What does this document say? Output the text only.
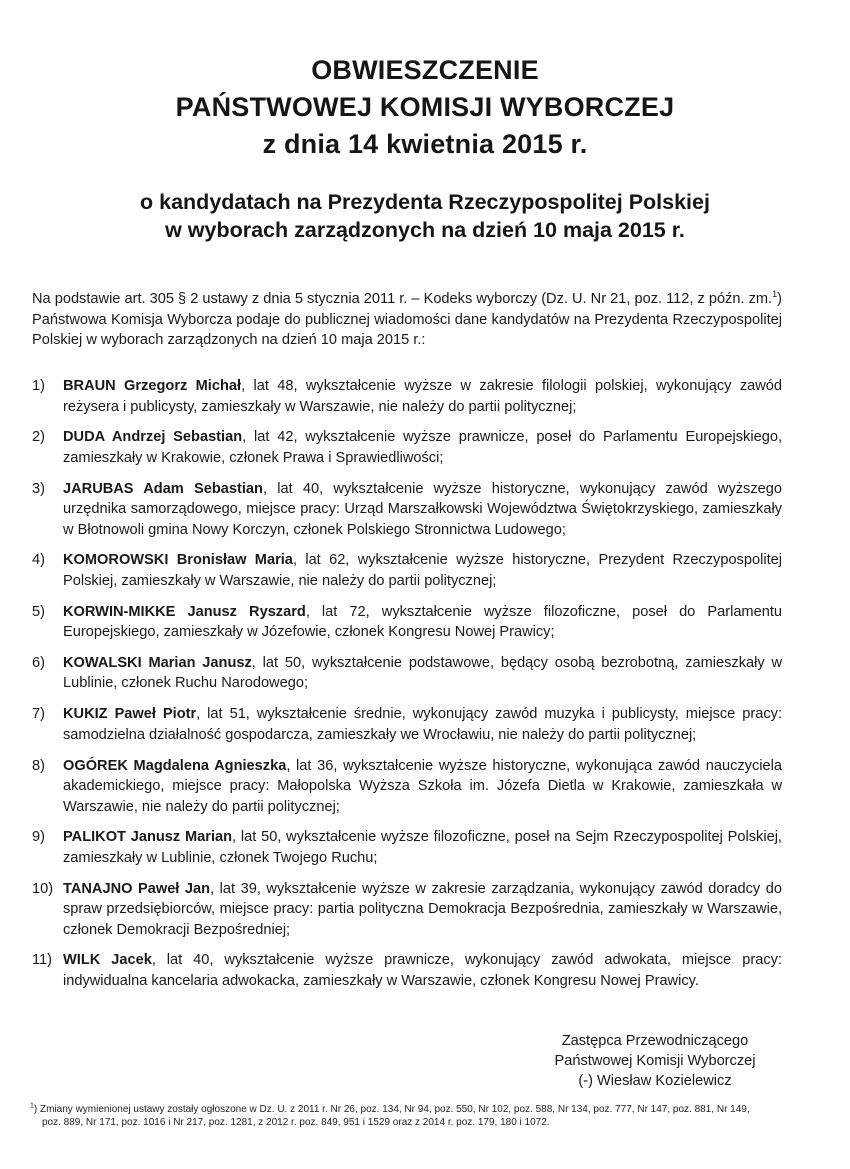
OBWIESZCZENIE
PAŃSTWOWEJ KOMISJI WYBORCZEJ
z dnia 14 kwietnia 2015 r.
o kandydatach na Prezydenta Rzeczypospolitej Polskiej
w wyborach zarządzonych na dzień 10 maja 2015 r.
Na podstawie art. 305 § 2 ustawy z dnia 5 stycznia 2011 r. – Kodeks wyborczy (Dz. U. Nr 21, poz. 112, z późn. zm.$^1$) Państwowa Komisja Wyborcza podaje do publicznej wiadomości dane kandydatów na Prezydenta Rzeczypospolitej Polskiej w wyborach zarządzonych na dzień 10 maja 2015 r.:
1) BRAUN Grzegorz Michał, lat 48, wykształcenie wyższe w zakresie filologii polskiej, wykonujący zawód reżysera i publicysty, zamieszkały w Warszawie, nie należy do partii politycznej;
2) DUDA Andrzej Sebastian, lat 42, wykształcenie wyższe prawnicze, poseł do Parlamentu Europejskiego, zamieszkały w Krakowie, członek Prawa i Sprawiedliwości;
3) JARUBAS Adam Sebastian, lat 40, wykształcenie wyższe historyczne, wykonujący zawód wyższego urzędnika samorządowego, miejsce pracy: Urząd Marszałkowski Województwa Świętokrzyskiego, zamieszkały w Błotnowoli gmina Nowy Korczyn, członek Polskiego Stronnictwa Ludowego;
4) KOMOROWSKI Bronisław Maria, lat 62, wykształcenie wyższe historyczne, Prezydent Rzeczypospolitej Polskiej, zamieszkały w Warszawie, nie należy do partii politycznej;
5) KORWIN-MIKKE Janusz Ryszard, lat 72, wykształcenie wyższe filozoficzne, poseł do Parlamentu Europejskiego, zamieszkały w Józefowie, członek Kongresu Nowej Prawicy;
6) KOWALSKI Marian Janusz, lat 50, wykształcenie podstawowe, będący osobą bezrobotną, zamieszkały w Lublinie, członek Ruchu Narodowego;
7) KUKIZ Paweł Piotr, lat 51, wykształcenie średnie, wykonujący zawód muzyka i publicysty, miejsce pracy: samodzielna działalność gospodarcza, zamieszkały we Wrocławiu, nie należy do partii politycznej;
8) OGÓREK Magdalena Agnieszka, lat 36, wykształcenie wyższe historyczne, wykonująca zawód nauczyciela akademickiego, miejsce pracy: Małopolska Wyższa Szkoła im. Józefa Dietla w Krakowie, zamieszkała w Warszawie, nie należy do partii politycznej;
9) PALIKOT Janusz Marian, lat 50, wykształcenie wyższe filozoficzne, poseł na Sejm Rzeczypospolitej Polskiej, zamieszkały w Lublinie, członek Twojego Ruchu;
10) TANAJNO Paweł Jan, lat 39, wykształcenie wyższe w zakresie zarządzania, wykonujący zawód doradcy do spraw przedsiębiorców, miejsce pracy: partia polityczna Demokracja Bezpośrednia, zamieszkały w Warszawie, członek Demokracji Bezpośredniej;
11) WILK Jacek, lat 40, wykształcenie wyższe prawnicze, wykonujący zawód adwokata, miejsce pracy: indywidualna kancelaria adwokacka, zamieszkały w Warszawie, członek Kongresu Nowej Prawicy.
Zastępca Przewodniczącego
Państwowej Komisji Wyborczej
(-) Wiesław Kozielewicz
$^1$) Zmiany wymienionej ustawy zostały ogłoszone w Dz. U. z 2011 r. Nr 26, poz. 134, Nr 94, poz. 550, Nr 102, poz. 588, Nr 134, poz. 777, Nr 147, poz. 881, Nr 149, poz. 889, Nr 171, poz. 1016 i Nr 217, poz. 1281, z 2012 r. poz. 849, 951 i 1529 oraz z 2014 r. poz. 179, 180 i 1072.
